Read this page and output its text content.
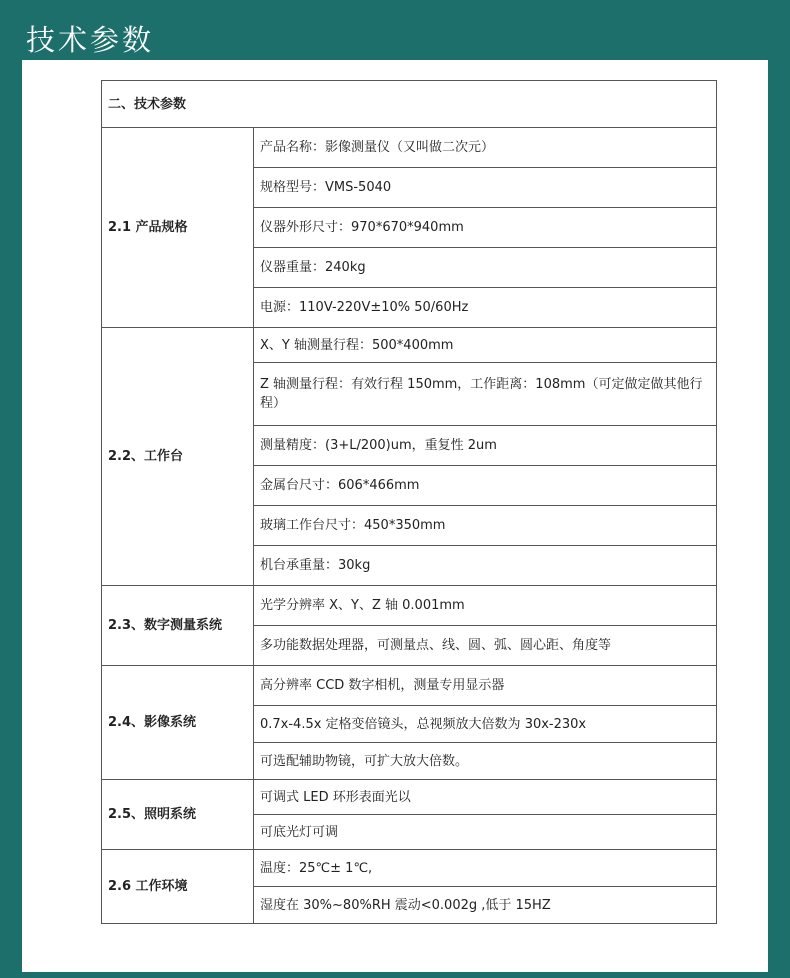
技术参数
二、技术参数	
2.1 产品规格	产品名称：影像测量仪（又叫做二次元）
	规格型号：VMS-5040
	仪器外形尺寸：970*670*940mm
	仪器重量：240kg
	电源：110V-220V±10% 50/60Hz
2.2、工作台	X、Y 轴测量行程：500*400mm
	Z 轴测量行程：有效行程 150mm，工作距离：108mm（可定做定做其他行程）
	测量精度：(3+L/200)um，重复性 2um
	金属台尺寸：606*466mm
	玻璃工作台尺寸：450*350mm
	机台承重量：30kg
2.3、数字测量系统	光学分辨率 X、Y、Z 轴 0.001mm
	多功能数据处理器，可测量点、线、圆、弧、圆心距、角度等
2.4、影像系统	高分辨率 CCD 数字相机，测量专用显示器
	0.7x-4.5x 定格变倍镜头，总视频放大倍数为 30x-230x
	可选配辅助物镜，可扩大放大倍数。
2.5、照明系统	可调式 LED 环形表面光以
	可底光灯可调
2.6 工作环境	温度：25℃± 1℃,
	湿度在 30%~80%RH 震动<0.002g ,低于 15HZ
